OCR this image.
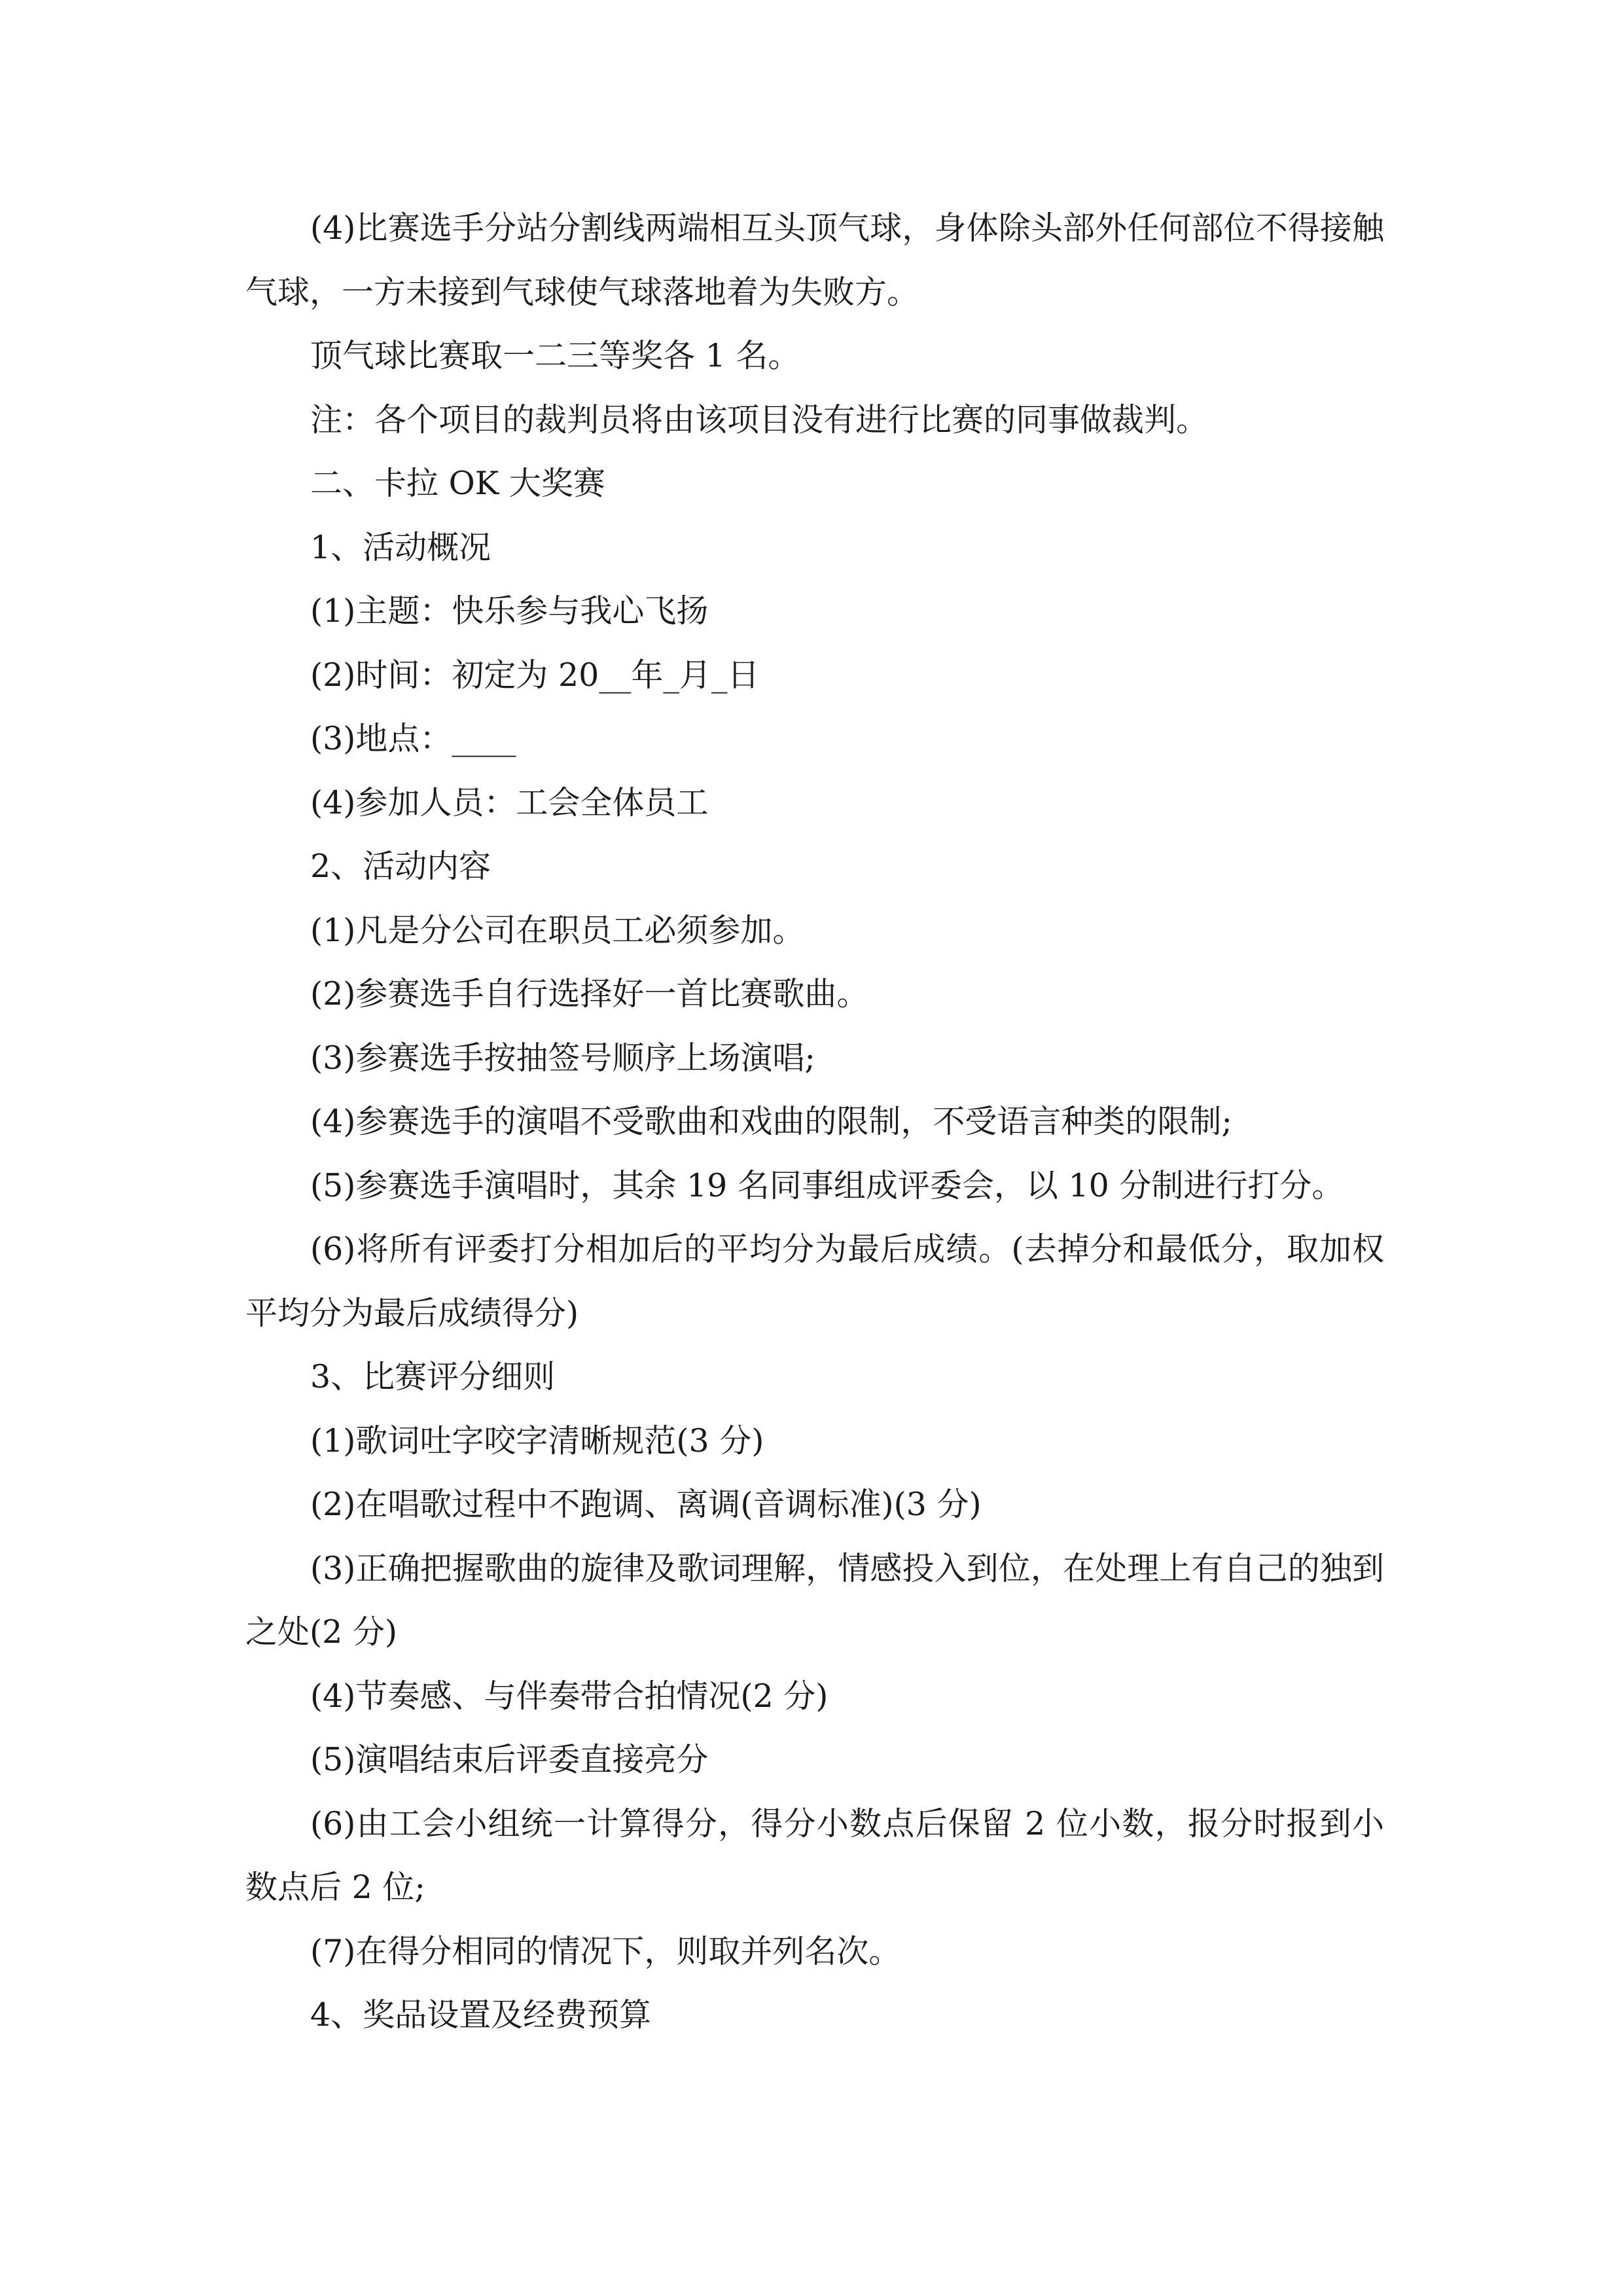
(4)比赛选手分站分割线两端相互头顶气球，身体除头部外任何部位不得接触气球，一方未接到气球使气球落地着为失败方。

顶气球比赛取一二三等奖各 1 名。

注：各个项目的裁判员将由该项目没有进行比赛的同事做裁判。

二、卡拉 OK 大奖赛

1、活动概况

(1)主题：快乐参与我心飞扬

(2)时间：初定为 20__年_月_日

(3)地点：____

(4)参加人员：工会全体员工

2、活动内容

(1)凡是分公司在职员工必须参加。

(2)参赛选手自行选择好一首比赛歌曲。

(3)参赛选手按抽签号顺序上场演唱;

(4)参赛选手的演唱不受歌曲和戏曲的限制，不受语言种类的限制;

(5)参赛选手演唱时，其余 19 名同事组成评委会，以 10 分制进行打分。

(6)将所有评委打分相加后的平均分为最后成绩。(去掉分和最低分，取加权平均分为最后成绩得分)

3、比赛评分细则

(1)歌词吐字咬字清晰规范(3 分)

(2)在唱歌过程中不跑调、离调(音调标准)(3 分)

(3)正确把握歌曲的旋律及歌词理解，情感投入到位，在处理上有自己的独到之处(2 分)

(4)节奏感、与伴奏带合拍情况(2 分)

(5)演唱结束后评委直接亮分

(6)由工会小组统一计算得分，得分小数点后保留 2 位小数，报分时报到小数点后 2 位;

(7)在得分相同的情况下，则取并列名次。

4、奖品设置及经费预算
